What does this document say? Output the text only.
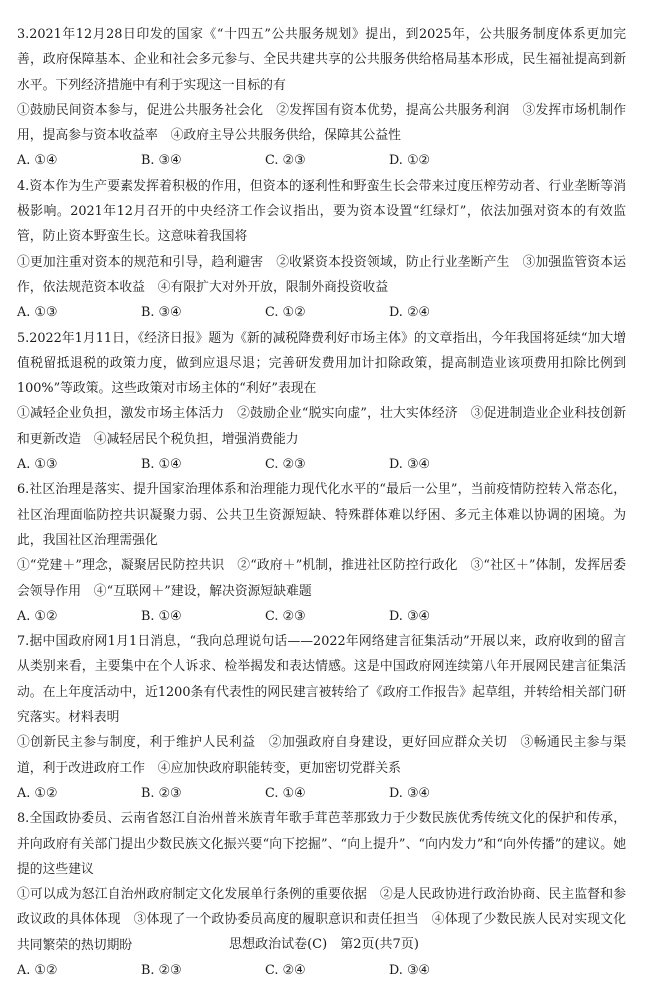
3.2021年12月28日印发的国家《“十四五”公共服务规划》提出，到2025年，公共服务制度体系更加完善，政府保障基本、企业和社会多元参与、全民共建共享的公共服务供给格局基本形成，民生福祉提高到新水平。下列经济措施中有利于实现这一目标的有

①鼓励民间资本参与，促进公共服务社会化　②发挥国有资本优势，提高公共服务利润　③发挥市场机制作用，提高参与资本收益率　④政府主导公共服务供给，保障其公益性

A. ①④	B. ③④	C. ②③	D. ①②

4.资本作为生产要素发挥着积极的作用，但资本的逐利性和野蛮生长会带来过度压榨劳动者、行业垄断等消极影响。2021年12月召开的中央经济工作会议指出，要为资本设置“红绿灯”，依法加强对资本的有效监管，防止资本野蛮生长。这意味着我国将

①更加注重对资本的规范和引导，趋利避害　②收紧资本投资领域，防止行业垄断产生　③加强监管资本运作，依法规范资本收益　④有限扩大对外开放，限制外商投资收益

A. ①③	B. ③④	C. ①②	D. ②④

5.2022年1月11日，《经济日报》题为《新的减税降费利好市场主体》的文章指出，今年我国将延续“加大增值税留抵退税的政策力度，做到应退尽退；完善研发费用加计扣除政策，提高制造业该项费用扣除比例到100%”等政策。这些政策对市场主体的“利好”表现在

①减轻企业负担，激发市场主体活力　②鼓励企业“脱实向虚”，壮大实体经济　③促进制造业企业科技创新和更新改造　④减轻居民个税负担，增强消费能力

A. ①③	B. ①④	C. ②③	D. ③④

6.社区治理是落实、提升国家治理体系和治理能力现代化水平的“最后一公里”，当前疫情防控转入常态化，社区治理面临防控共识凝聚力弱、公共卫生资源短缺、特殊群体难以纾困、多元主体难以协调的困境。为此，我国社区治理需强化

①“党建＋”理念，凝聚居民防控共识　②“政府＋”机制，推进社区防控行政化　③“社区＋”体制，发挥居委会领导作用　④“互联网＋”建设，解决资源短缺难题

A. ①②	B. ①④	C. ②③	D. ③④

7.据中国政府网1月1日消息，“我向总理说句话——2022年网络建言征集活动”开展以来，政府收到的留言从类别来看，主要集中在个人诉求、检举揭发和表达情感。这是中国政府网连续第八年开展网民建言征集活动。在上年度活动中，近1200条有代表性的网民建言被转给了《政府工作报告》起草组，并转给相关部门研究落实。材料表明

①创新民主参与制度，利于维护人民利益　②加强政府自身建设，更好回应群众关切　③畅通民主参与渠道，利于改进政府工作　④应加快政府职能转变，更加密切党群关系

A. ①②	B. ②③	C. ①④	D. ③④

8.全国政协委员、云南省怒江自治州普米族青年歌手茸芭莘那致力于少数民族优秀传统文化的保护和传承，并向政府有关部门提出少数民族文化振兴要“向下挖掘”、“向上提升”、“向内发力”和“向外传播”的建议。她提的这些建议

①可以成为怒江自治州政府制定文化发展单行条例的重要依据　②是人民政协进行政治协商、民主监督和参政议政的具体体现　③体现了一个政协委员高度的履职意识和责任担当　④体现了少数民族人民对实现文化共同繁荣的热切期盼

A. ①②	B. ②③	C. ②④	D. ③④
思想政治试卷(C)　第2页(共7页)
